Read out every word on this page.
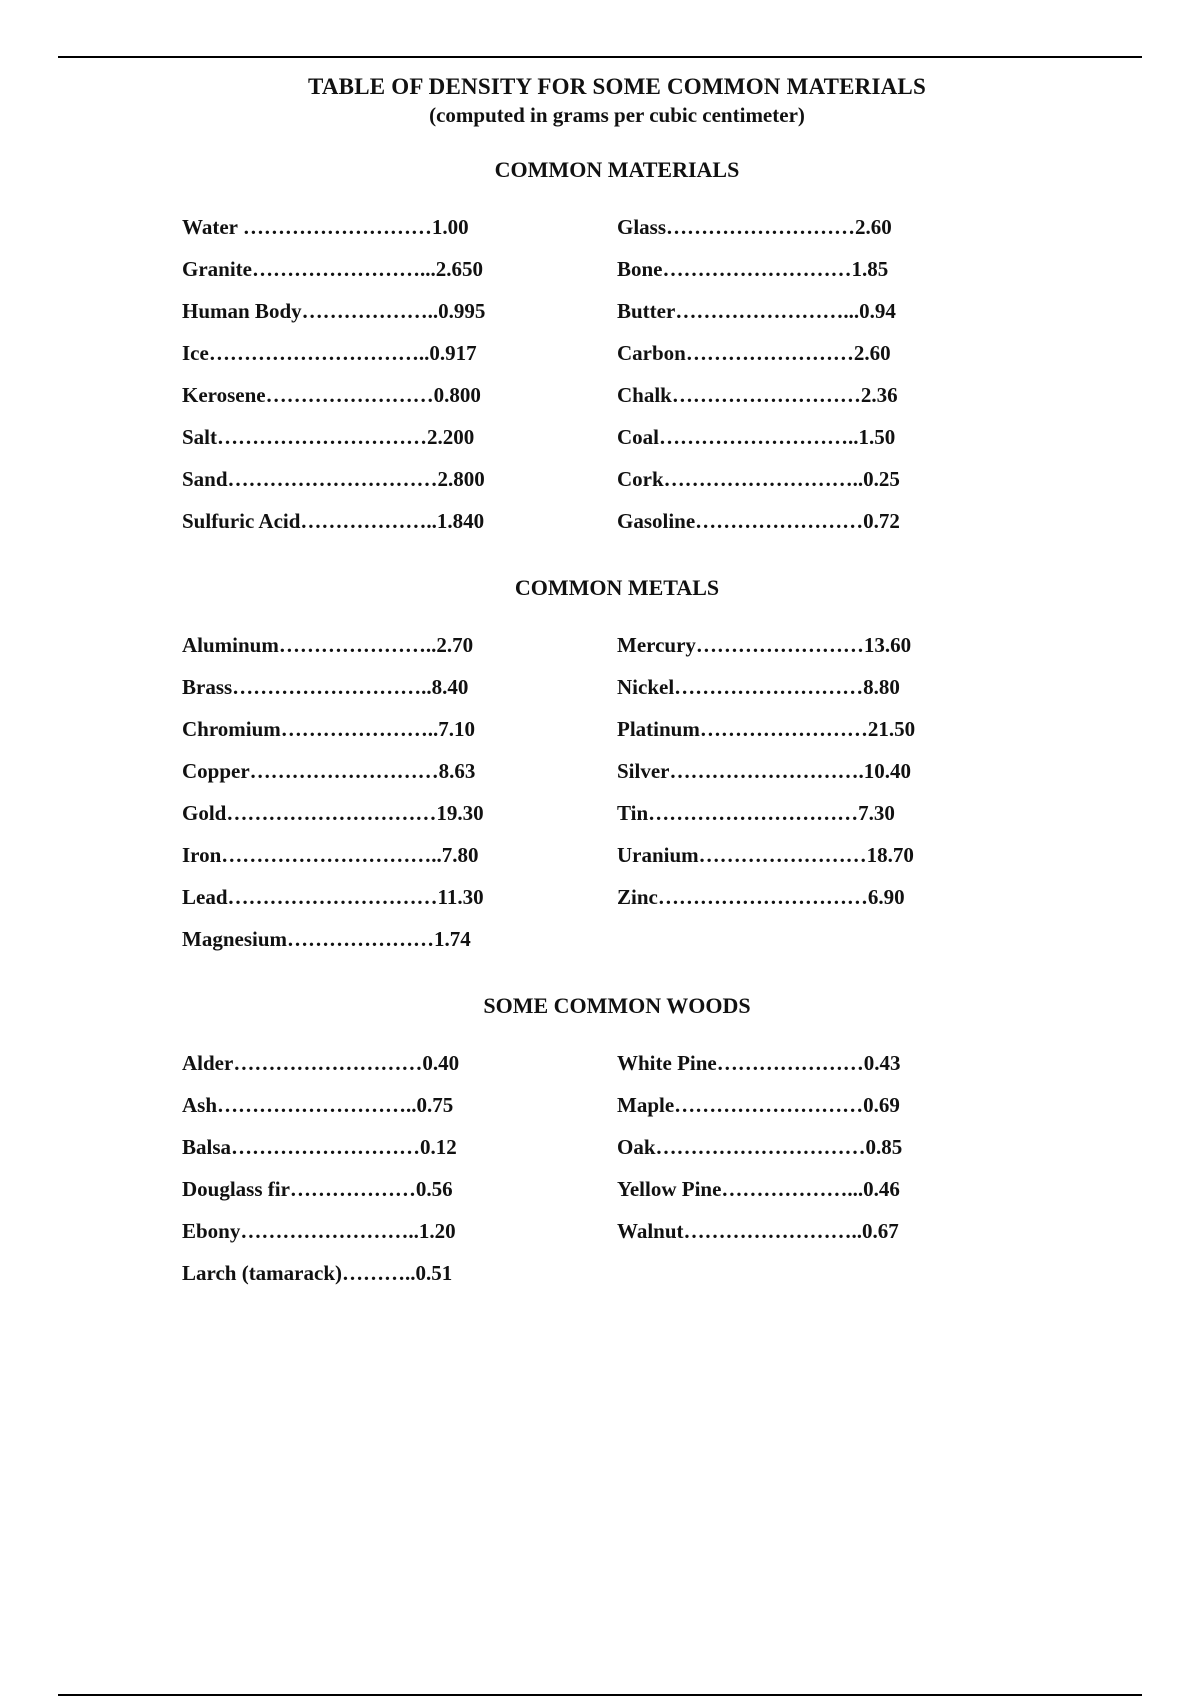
TABLE OF DENSITY FOR SOME COMMON MATERIALS
(computed in grams per cubic centimeter)
COMMON MATERIALS
Water ………………………1.00
Granite……………………...2.650
Human Body………………..0.995
Ice…………………………..0.917
Kerosene……………………0.800
Salt…………………………2.200
Sand…………………………2.800
Sulfuric Acid………………..1.840
Glass………………………2.60
Bone………………………1.85
Butter……………………...0.94
Carbon……………………2.60
Chalk………………………2.36
Coal………………………..1.50
Cork………………………..0.25
Gasoline……………………0.72
COMMON METALS
Aluminum…………………..2.70
Brass………………………..8.40
Chromium…………………..7.10
Copper………………………8.63
Gold…………………………19.30
Iron…………………………..7.80
Lead…………………………11.30
Magnesium…………………1.74
Mercury……………………13.60
Nickel………………………8.80
Platinum……………………21.50
Silver……………………….10.40
Tin…………………………7.30
Uranium……………………18.70
Zinc…………………………6.90
SOME COMMON WOODS
Alder………………………0.40
Ash………………………..0.75
Balsa………………………0.12
Douglass fir………………0.56
Ebony……………………..1.20
Larch (tamarack)………..0.51
White Pine…………………0.43
Maple………………………0.69
Oak…………………………0.85
Yellow Pine………………...0.46
Walnut……………………..0.67
